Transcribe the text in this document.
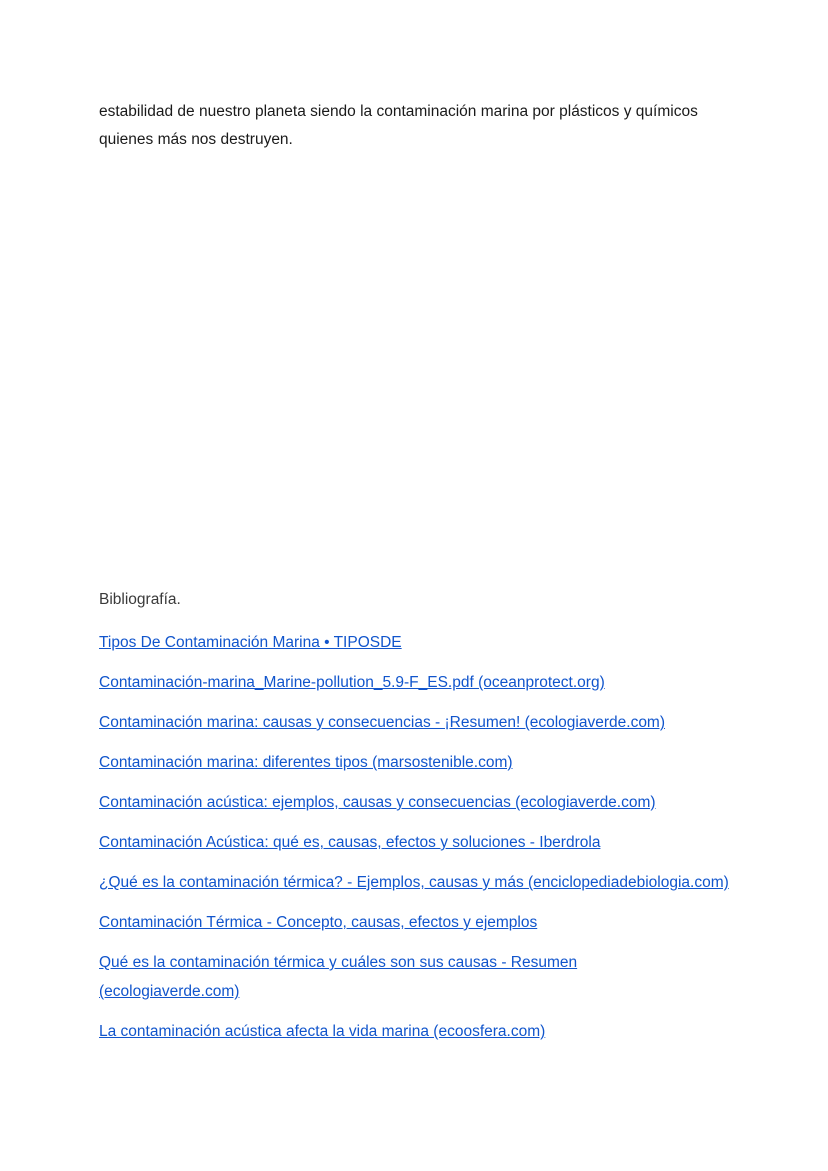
estabilidad de nuestro planeta siendo la contaminación marina por plásticos y químicos quienes más nos destruyen.

Bibliografía.

Tipos De Contaminación Marina • TIPOSDE
Contaminación-marina_Marine-pollution_5.9-F_ES.pdf (oceanprotect.org)
Contaminación marina: causas y consecuencias - ¡Resumen! (ecologiaverde.com)
Contaminación marina: diferentes tipos (marsostenible.com)
Contaminación acústica: ejemplos, causas y consecuencias (ecologiaverde.com)
Contaminación Acústica: qué es, causas, efectos y soluciones - Iberdrola
¿Qué es la contaminación térmica? - Ejemplos, causas y más (enciclopediadebiologia.com)
Contaminación Térmica - Concepto, causas, efectos y ejemplos
Qué es la contaminación térmica y cuáles son sus causas - Resumen (ecologiaverde.com)
La contaminación acústica afecta la vida marina (ecoosfera.com)
